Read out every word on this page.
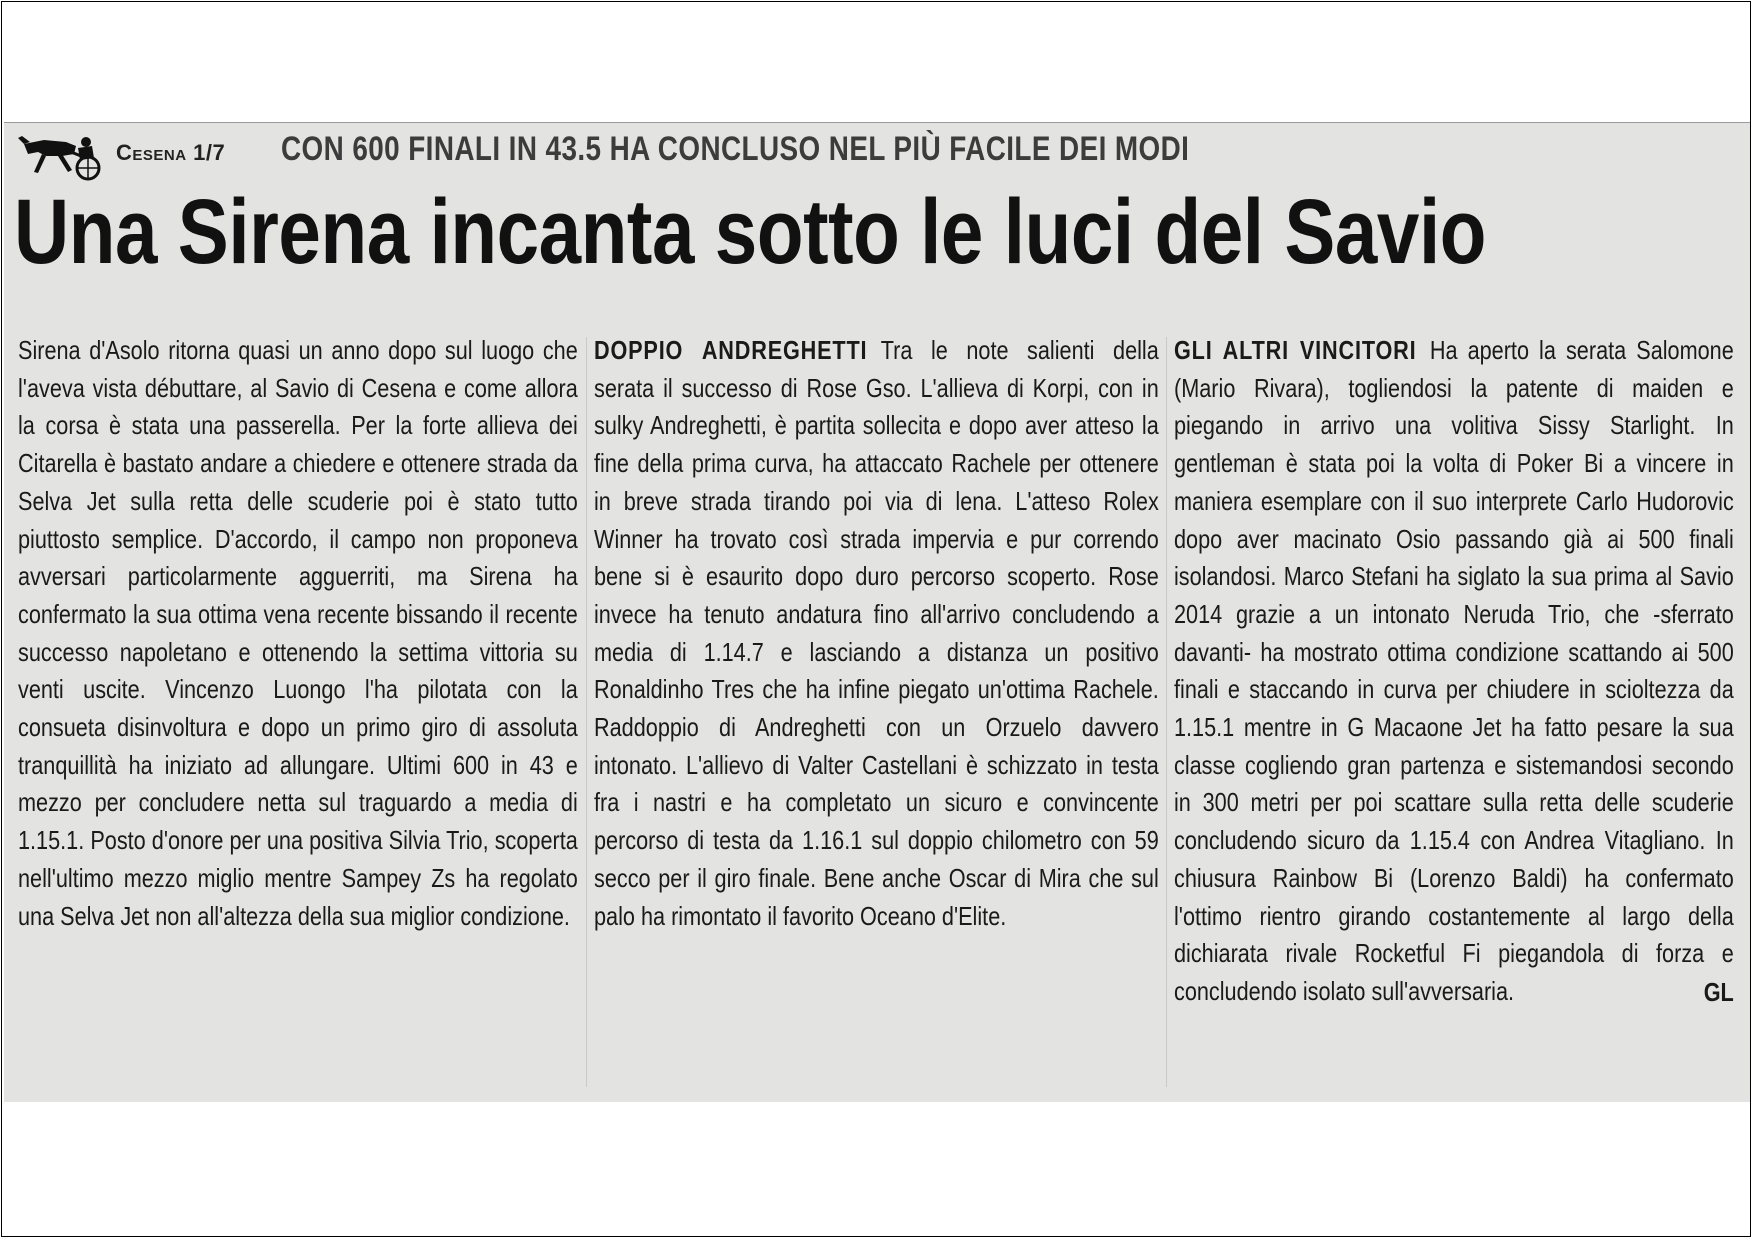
Cesena 1/7 CON 600 FINALI IN 43.5 HA CONCLUSO NEL PIÙ FACILE DEI MODI
Una Sirena incanta sotto le luci del Savio

Sirena d'Asolo ritorna quasi un anno dopo sul luogo che l'aveva vista débuttare, al Savio di Cesena e come allora la corsa è stata una passerella. Per la forte allieva dei Citarella è bastato andare a chiedere e ottenere strada da Selva Jet sulla retta delle scuderie poi è stato tutto piuttosto semplice. D'accordo, il campo non proponeva avversari particolarmente agguerriti, ma Sirena ha confermato la sua ottima vena recente bissando il recente successo napoletano e ottenendo la settima vittoria su venti uscite. Vincenzo Luongo l'ha pilotata con la consueta disinvoltura e dopo un primo giro di assoluta tranquillità ha iniziato ad allungare. Ultimi 600 in 43 e mezzo per concludere netta sul traguardo a media di 1.15.1. Posto d'onore per una positiva Silvia Trio, scoperta nell'ultimo mezzo miglio mentre Sampey Zs ha regolato una Selva Jet non all'altezza della sua miglior condizione.

DOPPIO ANDREGHETTI Tra le note salienti della serata il successo di Rose Gso. L'allieva di Korpi, con in sulky Andreghetti, è partita sollecita e dopo aver atteso la fine della prima curva, ha attaccato Rachele per ottenere in breve strada tirando poi via di lena. L'atteso Rolex Winner ha trovato così strada impervia e pur correndo bene si è esaurito dopo duro percorso scoperto. Rose invece ha tenuto andatura fino all'arrivo concludendo a media di 1.14.7 e lasciando a distanza un positivo Ronaldinho Tres che ha infine piegato un'ottima Rachele. Raddoppio di Andreghetti con un Orzuelo davvero intonato. L'allievo di Valter Castellani è schizzato in testa fra i nastri e ha completato un sicuro e convincente percorso di testa da 1.16.1 sul doppio chilometro con 59 secco per il giro finale. Bene anche Oscar di Mira che sul palo ha rimontato il favorito Oceano d'Elite.

GLI ALTRI VINCITORI Ha aperto la serata Salomone (Mario Rivara), togliendosi la patente di maiden e piegando in arrivo una volitiva Sissy Starlight. In gentleman è stata poi la volta di Poker Bi a vincere in maniera esemplare con il suo interprete Carlo Hudorovic dopo aver macinato Osio passando già ai 500 finali isolandosi. Marco Stefani ha siglato la sua prima al Savio 2014 grazie a un intonato Neruda Trio, che -sferrato davanti- ha mostrato ottima condizione scattando ai 500 finali e staccando in curva per chiudere in scioltezza da 1.15.1 mentre in G Macaone Jet ha fatto pesare la sua classe cogliendo gran partenza e sistemandosi secondo in 300 metri per poi scattare sulla retta delle scuderie concludendo sicuro da 1.15.4 con Andrea Vitagliano. In chiusura Rainbow Bi (Lorenzo Baldi) ha confermato l'ottimo rientro girando costantemente al largo della dichiarata rivale Rocketful Fi piegandola di forza e concludendo isolato sull'avversaria.	GL
